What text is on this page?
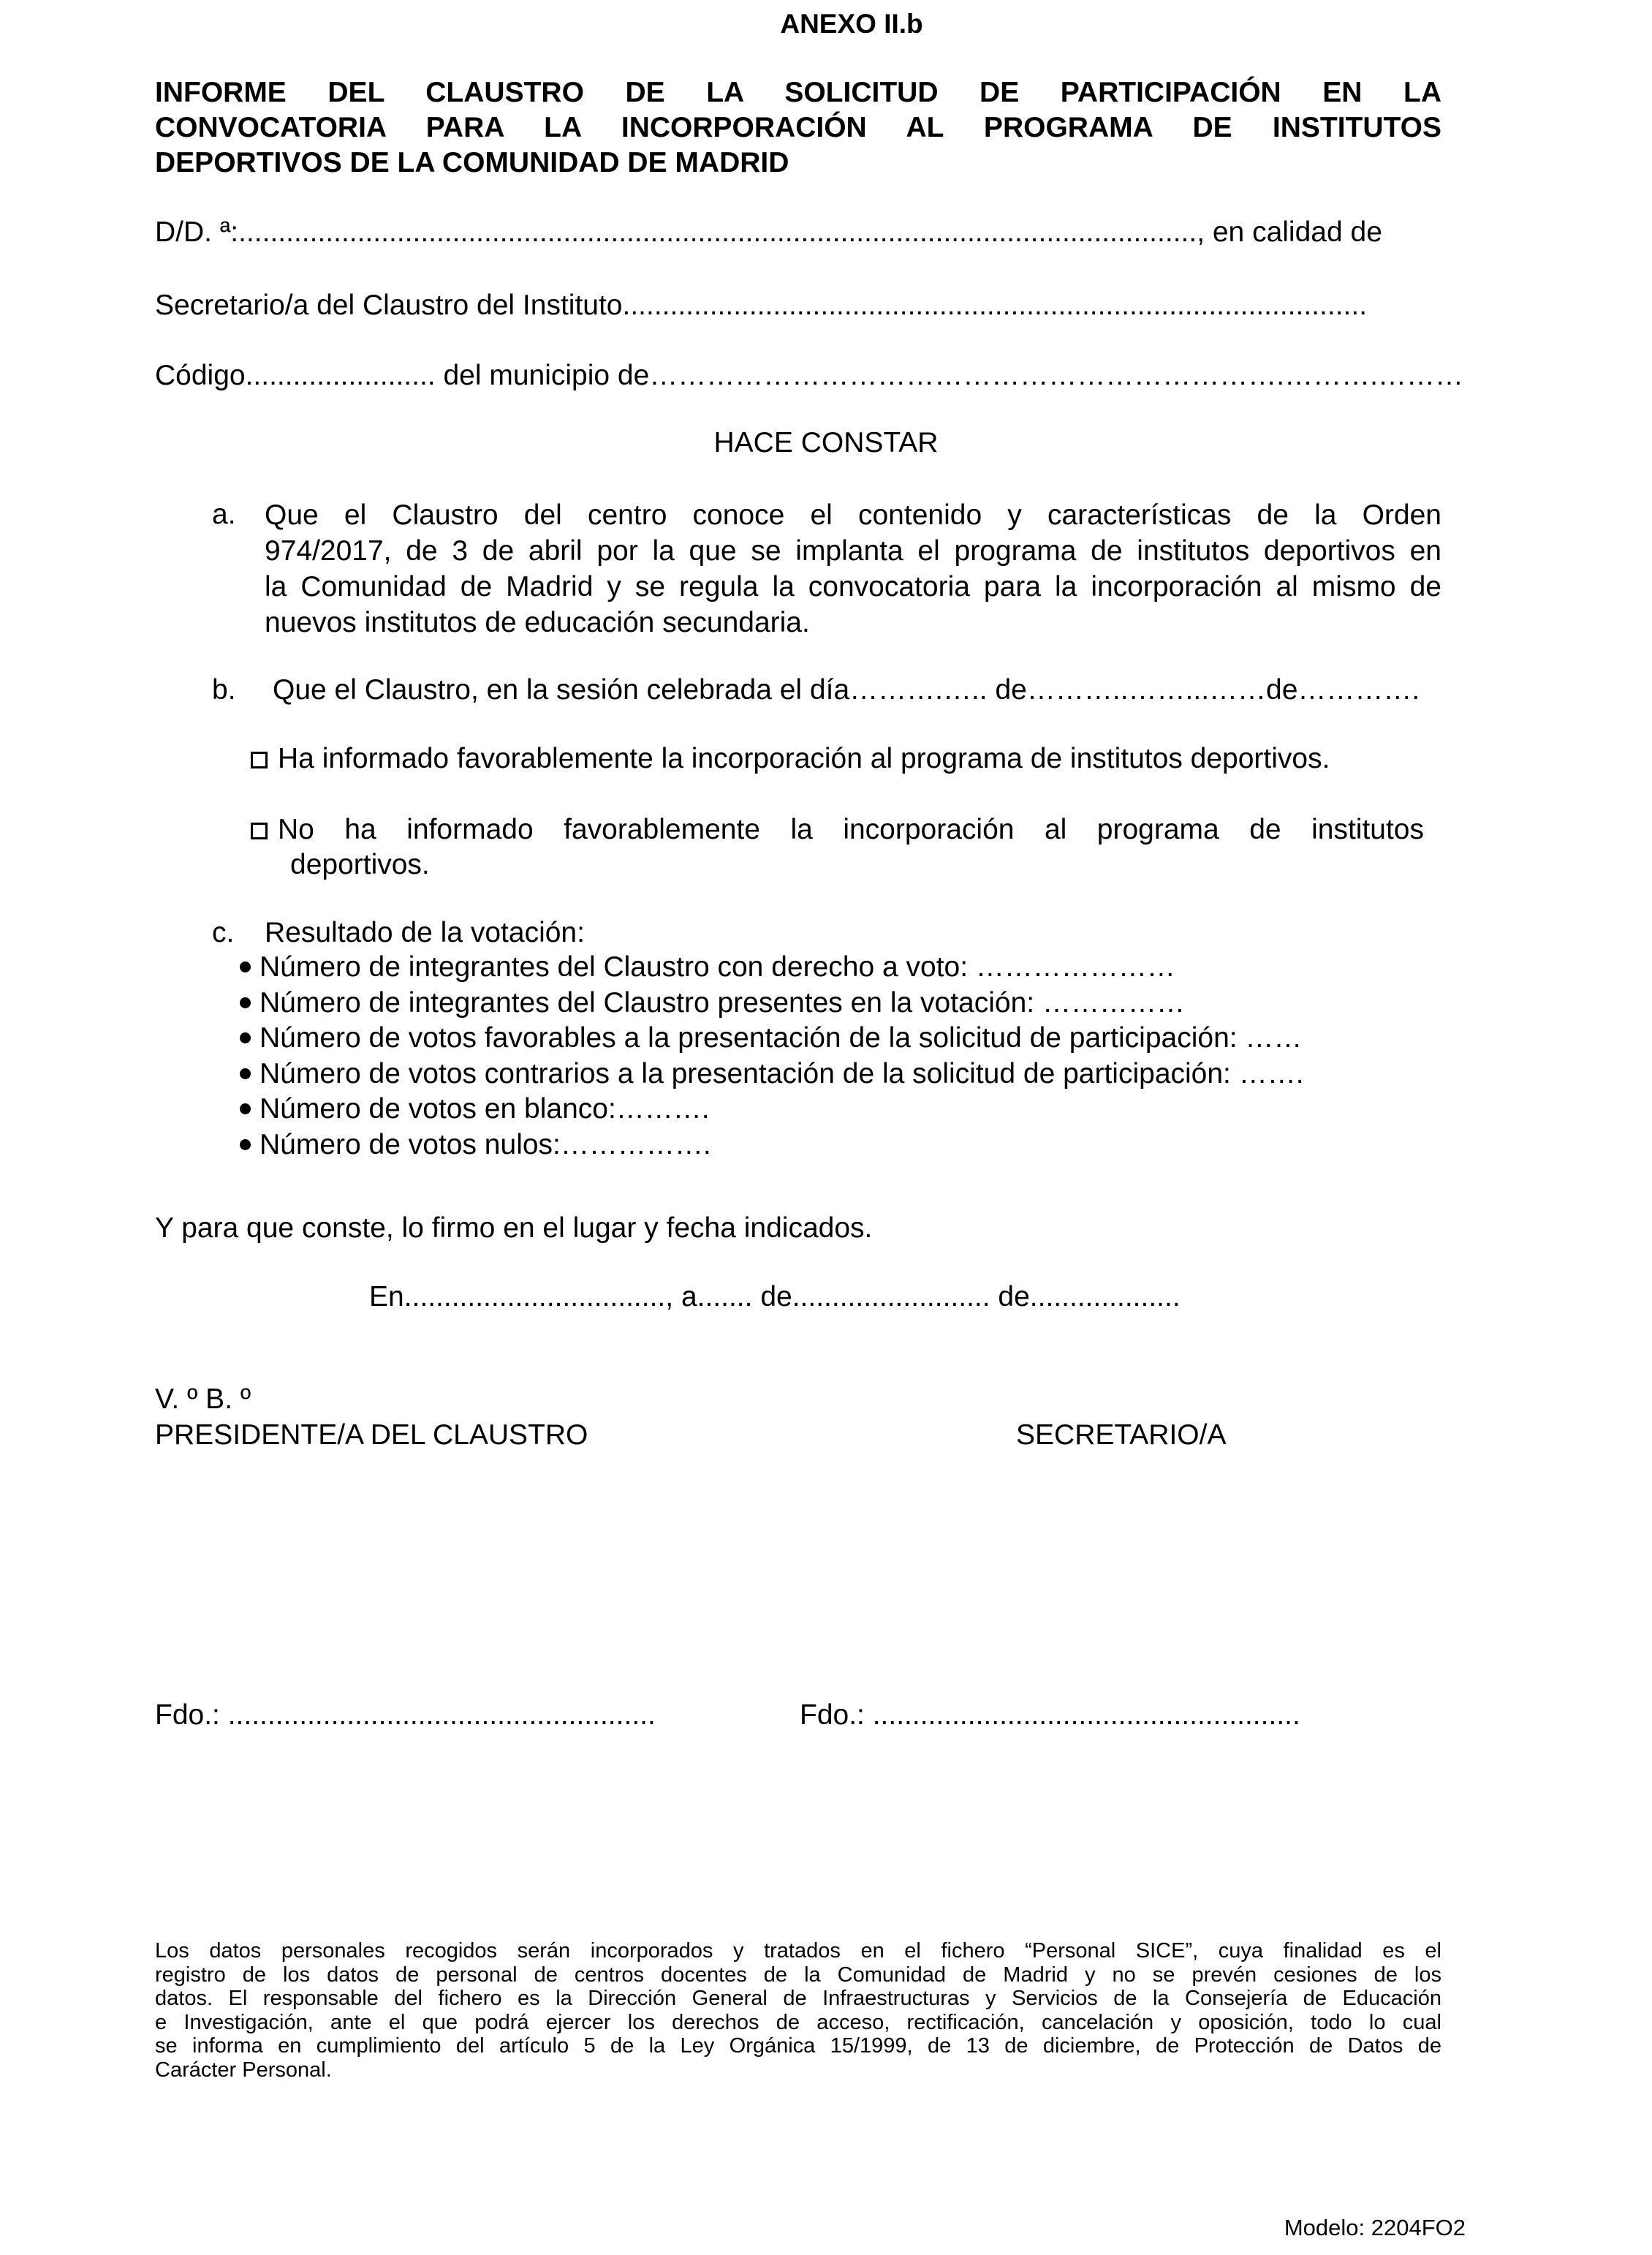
ANEXO II.b
INFORME DEL CLAUSTRO DE LA SOLICITUD DE PARTICIPACIÓN EN LA
CONVOCATORIA PARA LA INCORPORACIÓN AL PROGRAMA DE INSTITUTOS
DEPORTIVOS DE LA COMUNIDAD DE MADRID
D/D. ª:........................................................................................................................., en calidad de
Secretario/a del Claustro del Instituto..............................................................................................
Código........................ del municipio de………………………………………………………….……….………
HACE CONSTAR
a. Que el Claustro del centro conoce el contenido y características de la Orden
974/2017, de 3 de abril por la que se implanta el programa de institutos deportivos en
la Comunidad de Madrid y se regula la convocatoria para la incorporación al mismo de
nuevos institutos de educación secundaria.
b. Que el Claustro, en la sesión celebrada el día……….….. de………..……...……de………….
Ha informado favorablemente la incorporación al programa de institutos deportivos.
No ha informado favorablemente la incorporación al programa de institutos
deportivos.
c. Resultado de la votación:
Número de integrantes del Claustro con derecho a voto: …………………
Número de integrantes del Claustro presentes en la votación: ……………
Número de votos favorables a la presentación de la solicitud de participación: ……
Número de votos contrarios a la presentación de la solicitud de participación: …….
Número de votos en blanco:……….
Número de votos nulos:…………….
Y para que conste, lo firmo en el lugar y fecha indicados.
En................................., a....... de......................... de...................
V. º B. º
PRESIDENTE/A DEL CLAUSTRO	SECRETARIO/A
Fdo.: ......................................................	Fdo.: ......................................................
Los datos personales recogidos serán incorporados y tratados en el fichero “Personal SICE”, cuya finalidad es el
registro de los datos de personal de centros docentes de la Comunidad de Madrid y no se prevén cesiones de los
datos. El responsable del fichero es la Dirección General de Infraestructuras y Servicios de la Consejería de Educación
e Investigación, ante el que podrá ejercer los derechos de acceso, rectificación, cancelación y oposición, todo lo cual
se informa en cumplimiento del artículo 5 de la Ley Orgánica 15/1999, de 13 de diciembre, de Protección de Datos de
Carácter Personal.
Modelo: 2204FO2
